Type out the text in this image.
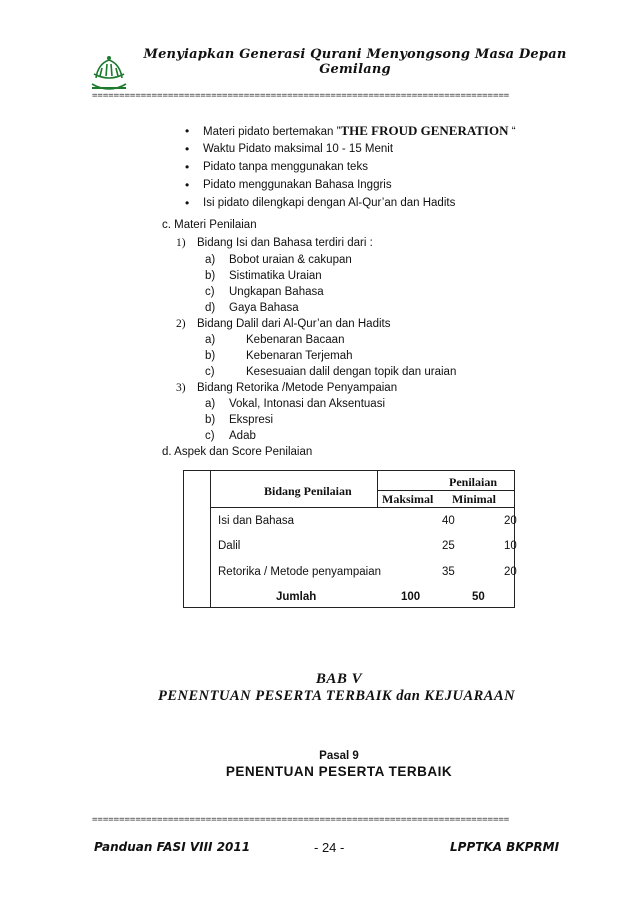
Menyiapkan Generasi Qurani Menyongsong Masa Depan Gemilang
=============================================================================
• Materi pidato bertemakan ”THE FROUD GENERATION “
• Waktu Pidato maksimal 10 - 15 Menit
• Pidato tanpa menggunakan teks
• Pidato menggunakan Bahasa Inggris
• Isi pidato dilengkapi dengan Al-Qur’an dan Hadits
c. Materi Penilaian
1) Bidang Isi dan Bahasa terdiri dari :
a) Bobot uraian & cakupan
b) Sistimatika Uraian
c) Ungkapan Bahasa
d) Gaya Bahasa
2) Bidang Dalil dari Al-Qur’an dan Hadits
a)	Kebenaran Bacaan
b)	Kebenaran Terjemah
c)	Kesesuaian dalil dengan topik dan uraian
3) Bidang Retorika /Metode Penyampaian
a) Vokal, Intonasi dan Aksentuasi
b) Ekspresi
c) Adab
d. Aspek dan Score Penilaian
Bidang Penilaian
Penilaian
Maksimal Minimal
Isi dan Bahasa	40	20
Dalil	25	10
Retorika / Metode penyampaian	35	20
Jumlah	100	50
BAB V
PENENTUAN PESERTA TERBAIK dan KEJUARAAN
Pasal 9
PENENTUAN PESERTA TERBAIK
=============================================================================
Panduan FASI VIII 2011	- 24 -	LPPTKA BKPRMI
